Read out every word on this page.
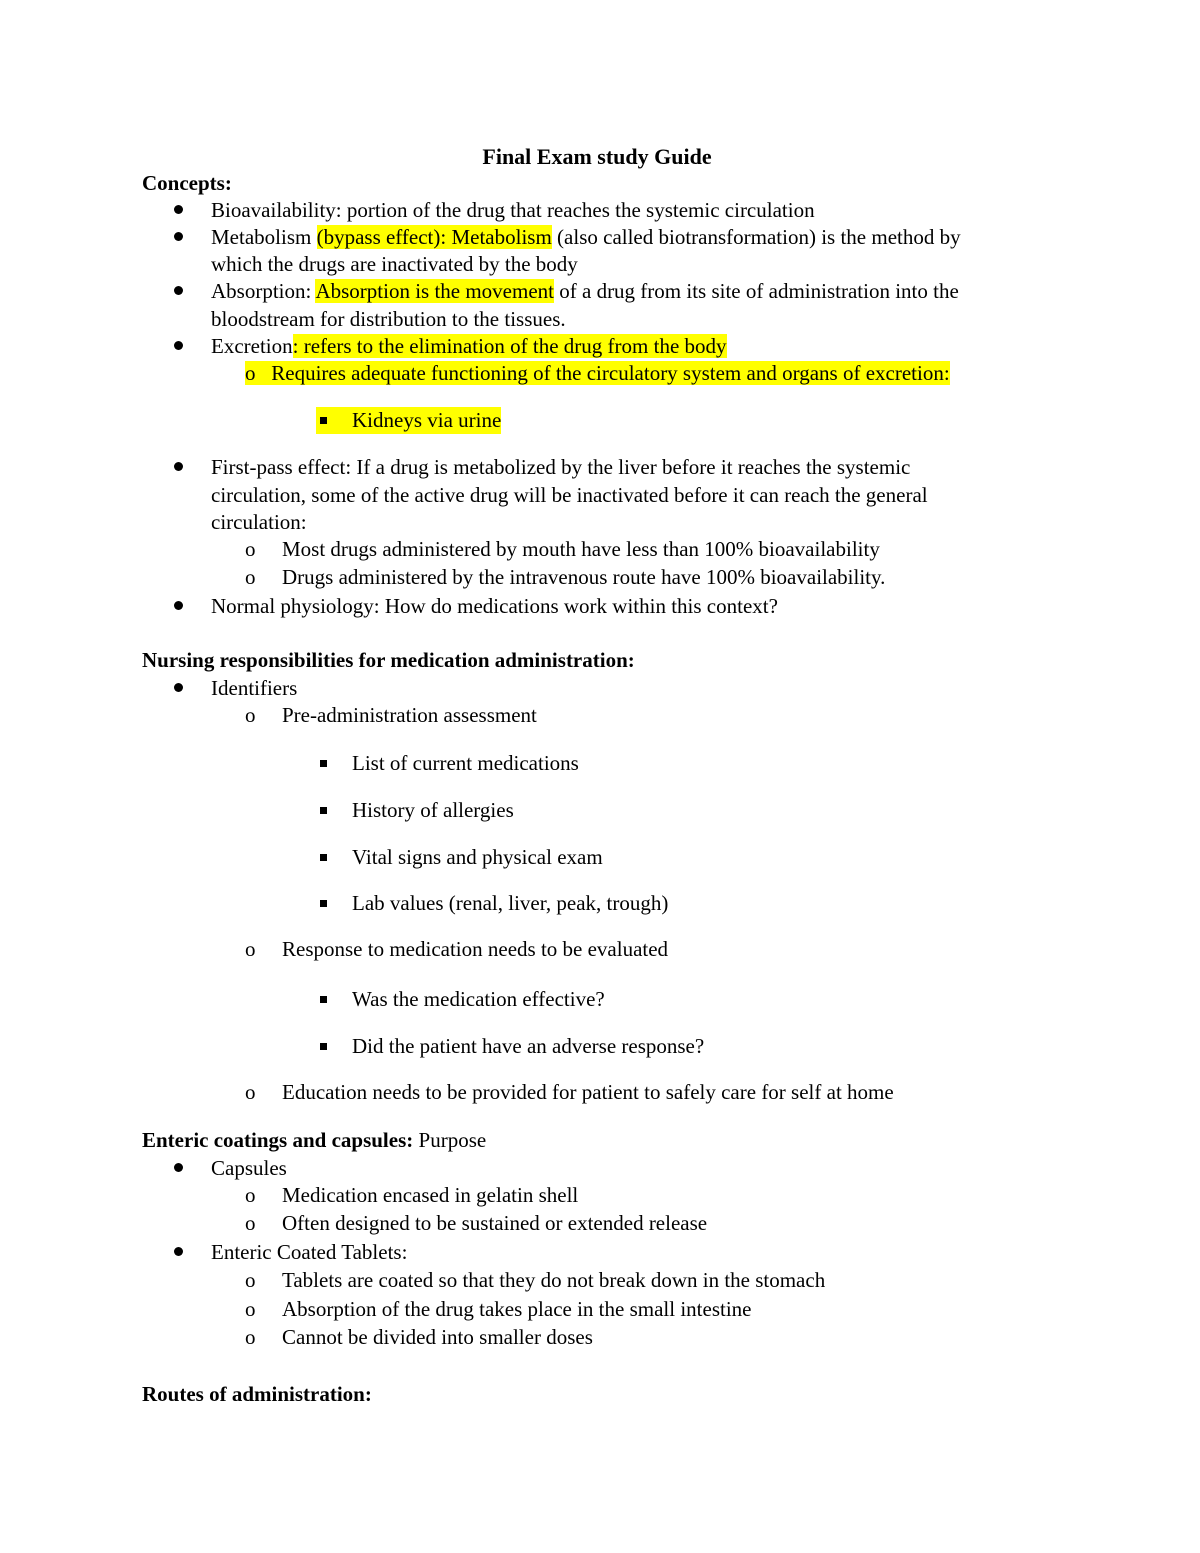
Final Exam study Guide
Concepts:
Bioavailability: portion of the drug that reaches the systemic circulation
Metabolism (bypass effect): Metabolism (also called biotransformation) is the method by
which the drugs are inactivated by the body
Absorption: Absorption is the movement of a drug from its site of administration into the
bloodstream for distribution to the tissues.
Excretion: refers to the elimination of the drug from the body
o Requires adequate functioning of the circulatory system and organs of excretion:
Kidneys via urine
First-pass effect: If a drug is metabolized by the liver before it reaches the systemic
circulation, some of the active drug will be inactivated before it can reach the general
circulation:
o Most drugs administered by mouth have less than 100% bioavailability
o Drugs administered by the intravenous route have 100% bioavailability.
Normal physiology: How do medications work within this context?
Nursing responsibilities for medication administration:
Identifiers
o Pre-administration assessment
List of current medications
History of allergies
Vital signs and physical exam
Lab values (renal, liver, peak, trough)
o Response to medication needs to be evaluated
Was the medication effective?
Did the patient have an adverse response?
o Education needs to be provided for patient to safely care for self at home
Enteric coatings and capsules: Purpose
Capsules
o Medication encased in gelatin shell
o Often designed to be sustained or extended release
Enteric Coated Tablets:
o Tablets are coated so that they do not break down in the stomach
o Absorption of the drug takes place in the small intestine
o Cannot be divided into smaller doses
Routes of administration:
